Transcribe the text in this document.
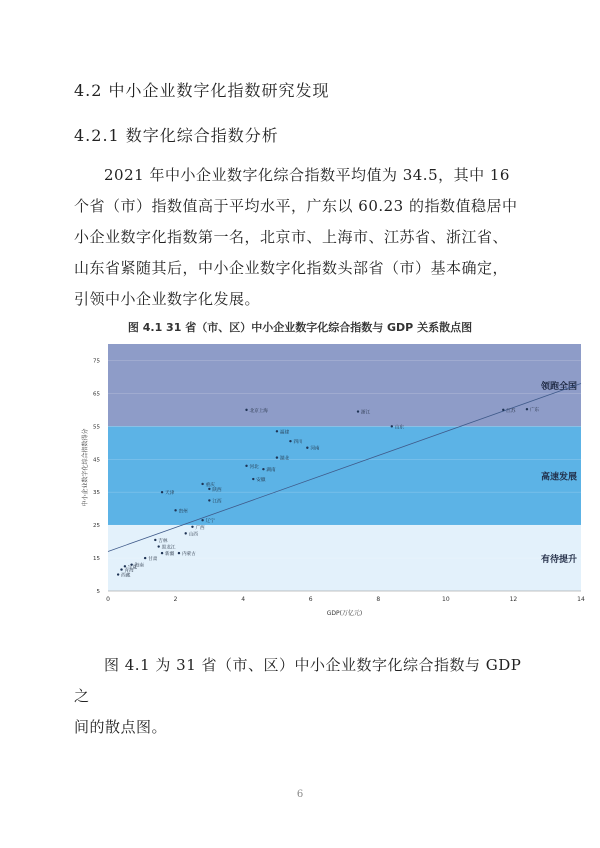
4.2 中小企业数字化指数研究发现
4.2.1 数字化综合指数分析
2021 年中小企业数字化综合指数平均值为 34.5，其中 16
个省（市）指数值高于平均水平，广东以 60.23 的指数值稳居中
小企业数字化指数第一名，北京市、上海市、江苏省、浙江省、
山东省紧随其后，中小企业数字化指数头部省（市）基本确定，
引领中小企业数字化发展。
图 4.1 31 省（市、区）中小企业数字化综合指数与 GDP 关系散点图
领跑全国
高速发展
有待提升
0	2	4	6	8	10	12	14
5
15
25
35
45
55
65
75
GDP(万亿元)
中小企业数字化综合指数得分
北京上海	浙江	江苏	广东
山东
福建
四川
河南
湖北
河北
湖南
安徽
重庆
陕西
天津
江西
贵州
辽宁
广西
山西
吉林
黑龙江
新疆 内蒙古
甘肃
海南
宁夏
青海
西藏
图 4.1 为 31 省（市、区）中小企业数字化综合指数与 GDP 之
间的散点图。
6
